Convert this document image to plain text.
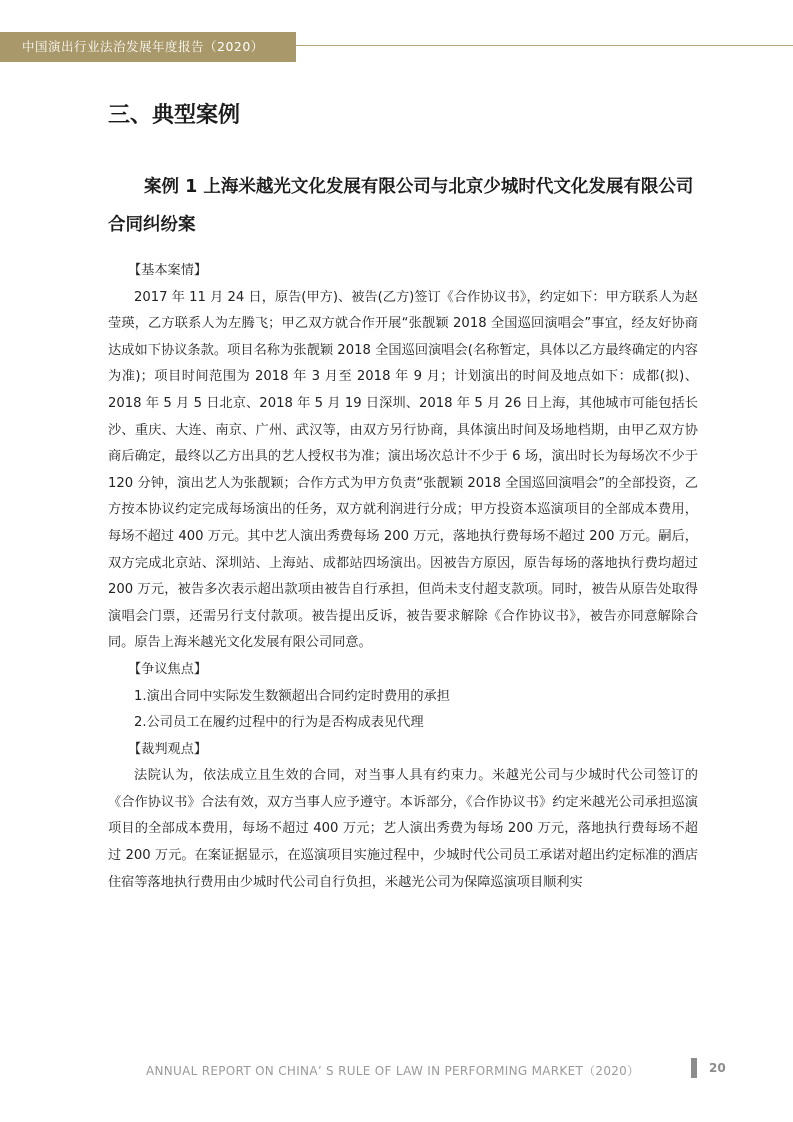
中国演出行业法治发展年度报告（2020）
三、典型案例
案例 1 上海米越光文化发展有限公司与北京少城时代文化发展有限公司合同纠纷案

【基本案情】

2017 年 11 月 24 日，原告(甲方)、被告(乙方)签订《合作协议书》，约定如下：甲方联系人为赵莹瑛，乙方联系人为左腾飞；甲乙双方就合作开展“张靓颖 2018 全国巡回演唱会”事宜，经友好协商达成如下协议条款。项目名称为张靓颖 2018 全国巡回演唱会(名称暂定，具体以乙方最终确定的内容为准)；项目时间范围为 2018 年 3 月至 2018 年 9 月；计划演出的时间及地点如下：成都(拟)、2018 年 5 月 5 日北京、2018 年 5 月 19 日深圳、2018 年 5 月 26 日上海，其他城市可能包括长沙、重庆、大连、南京、广州、武汉等，由双方另行协商，具体演出时间及场地档期，由甲乙双方协商后确定，最终以乙方出具的艺人授权书为准；演出场次总计不少于 6 场，演出时长为每场次不少于 120 分钟，演出艺人为张靓颖；合作方式为甲方负责“张靓颖 2018 全国巡回演唱会”的全部投资，乙方按本协议约定完成每场演出的任务，双方就利润进行分成；甲方投资本巡演项目的全部成本费用，每场不超过 400 万元。其中艺人演出秀费每场 200 万元，落地执行费每场不超过 200 万元。嗣后，双方完成北京站、深圳站、上海站、成都站四场演出。因被告方原因，原告每场的落地执行费均超过 200 万元，被告多次表示超出款项由被告自行承担，但尚未支付超支款项。同时，被告从原告处取得演唱会门票，还需另行支付款项。被告提出反诉，被告要求解除《合作协议书》，被告亦同意解除合同。原告上海米越光文化发展有限公司同意。

【争议焦点】

1.演出合同中实际发生数额超出合同约定时费用的承担

2.公司员工在履约过程中的行为是否构成表见代理

【裁判观点】

法院认为，依法成立且生效的合同，对当事人具有约束力。米越光公司与少城时代公司签订的《合作协议书》合法有效，双方当事人应予遵守。本诉部分，《合作协议书》约定米越光公司承担巡演项目的全部成本费用，每场不超过 400 万元；艺人演出秀费为每场 200 万元，落地执行费每场不超过 200 万元。在案证据显示，在巡演项目实施过程中，少城时代公司员工承诺对超出约定标准的酒店住宿等落地执行费用由少城时代公司自行负担，米越光公司为保障巡演项目顺利实

ANNUAL REPORT ON CHINA’ S RULE OF LAW IN PERFORMING MARKET（2020）	20
